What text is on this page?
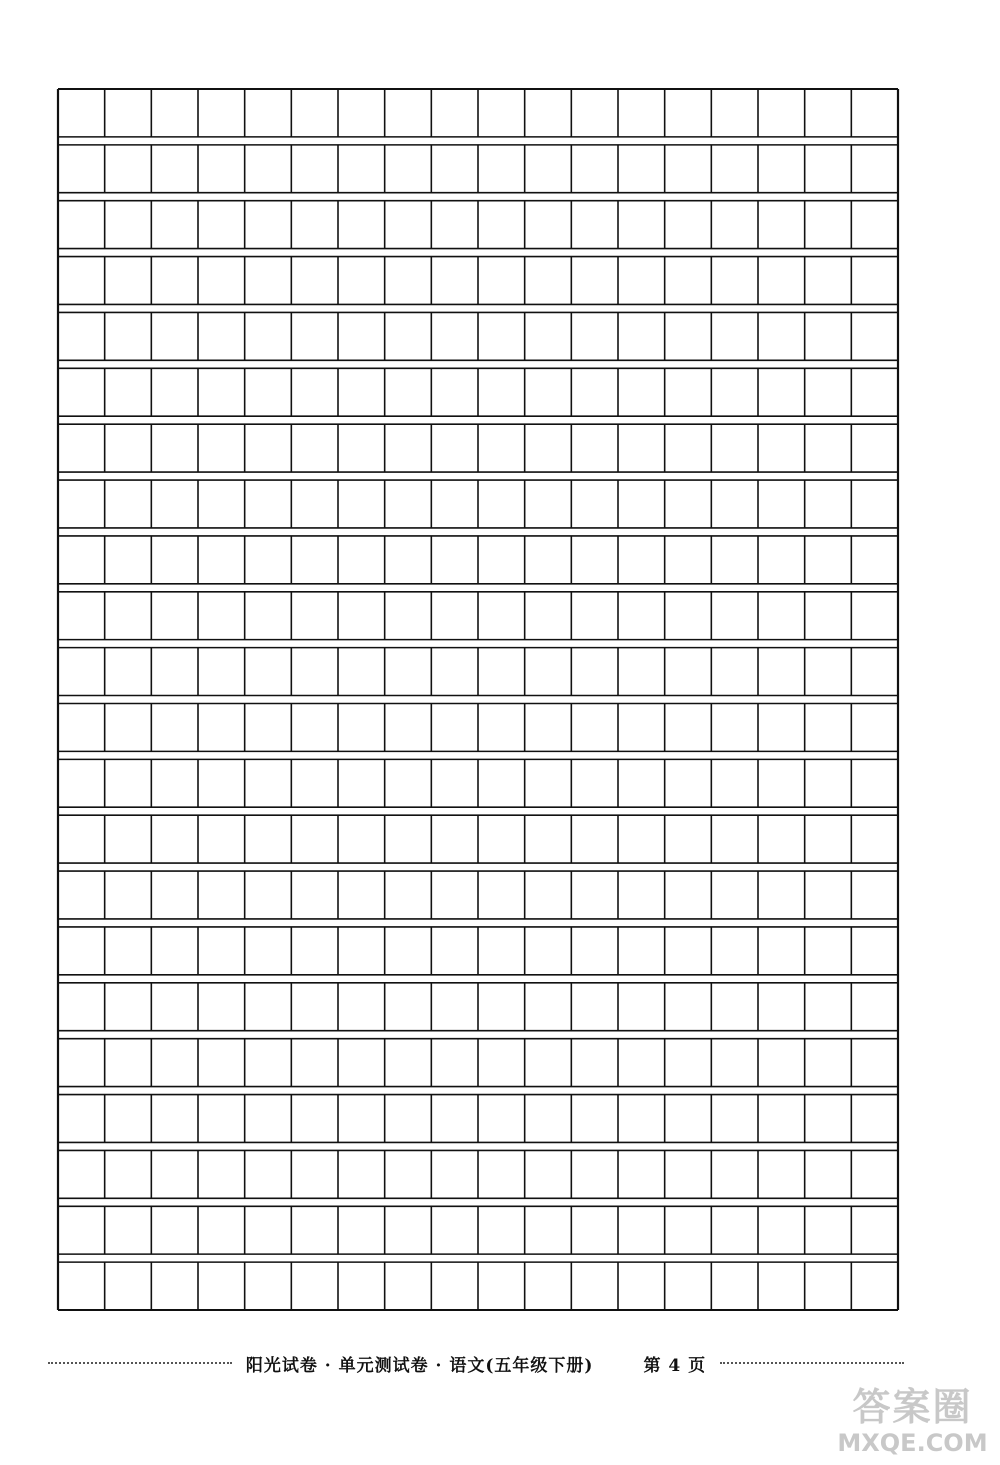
阳光试卷 · 单元测试卷 · 语文(五年级下册)	第 4 页
答案圈
MXQE.COM
